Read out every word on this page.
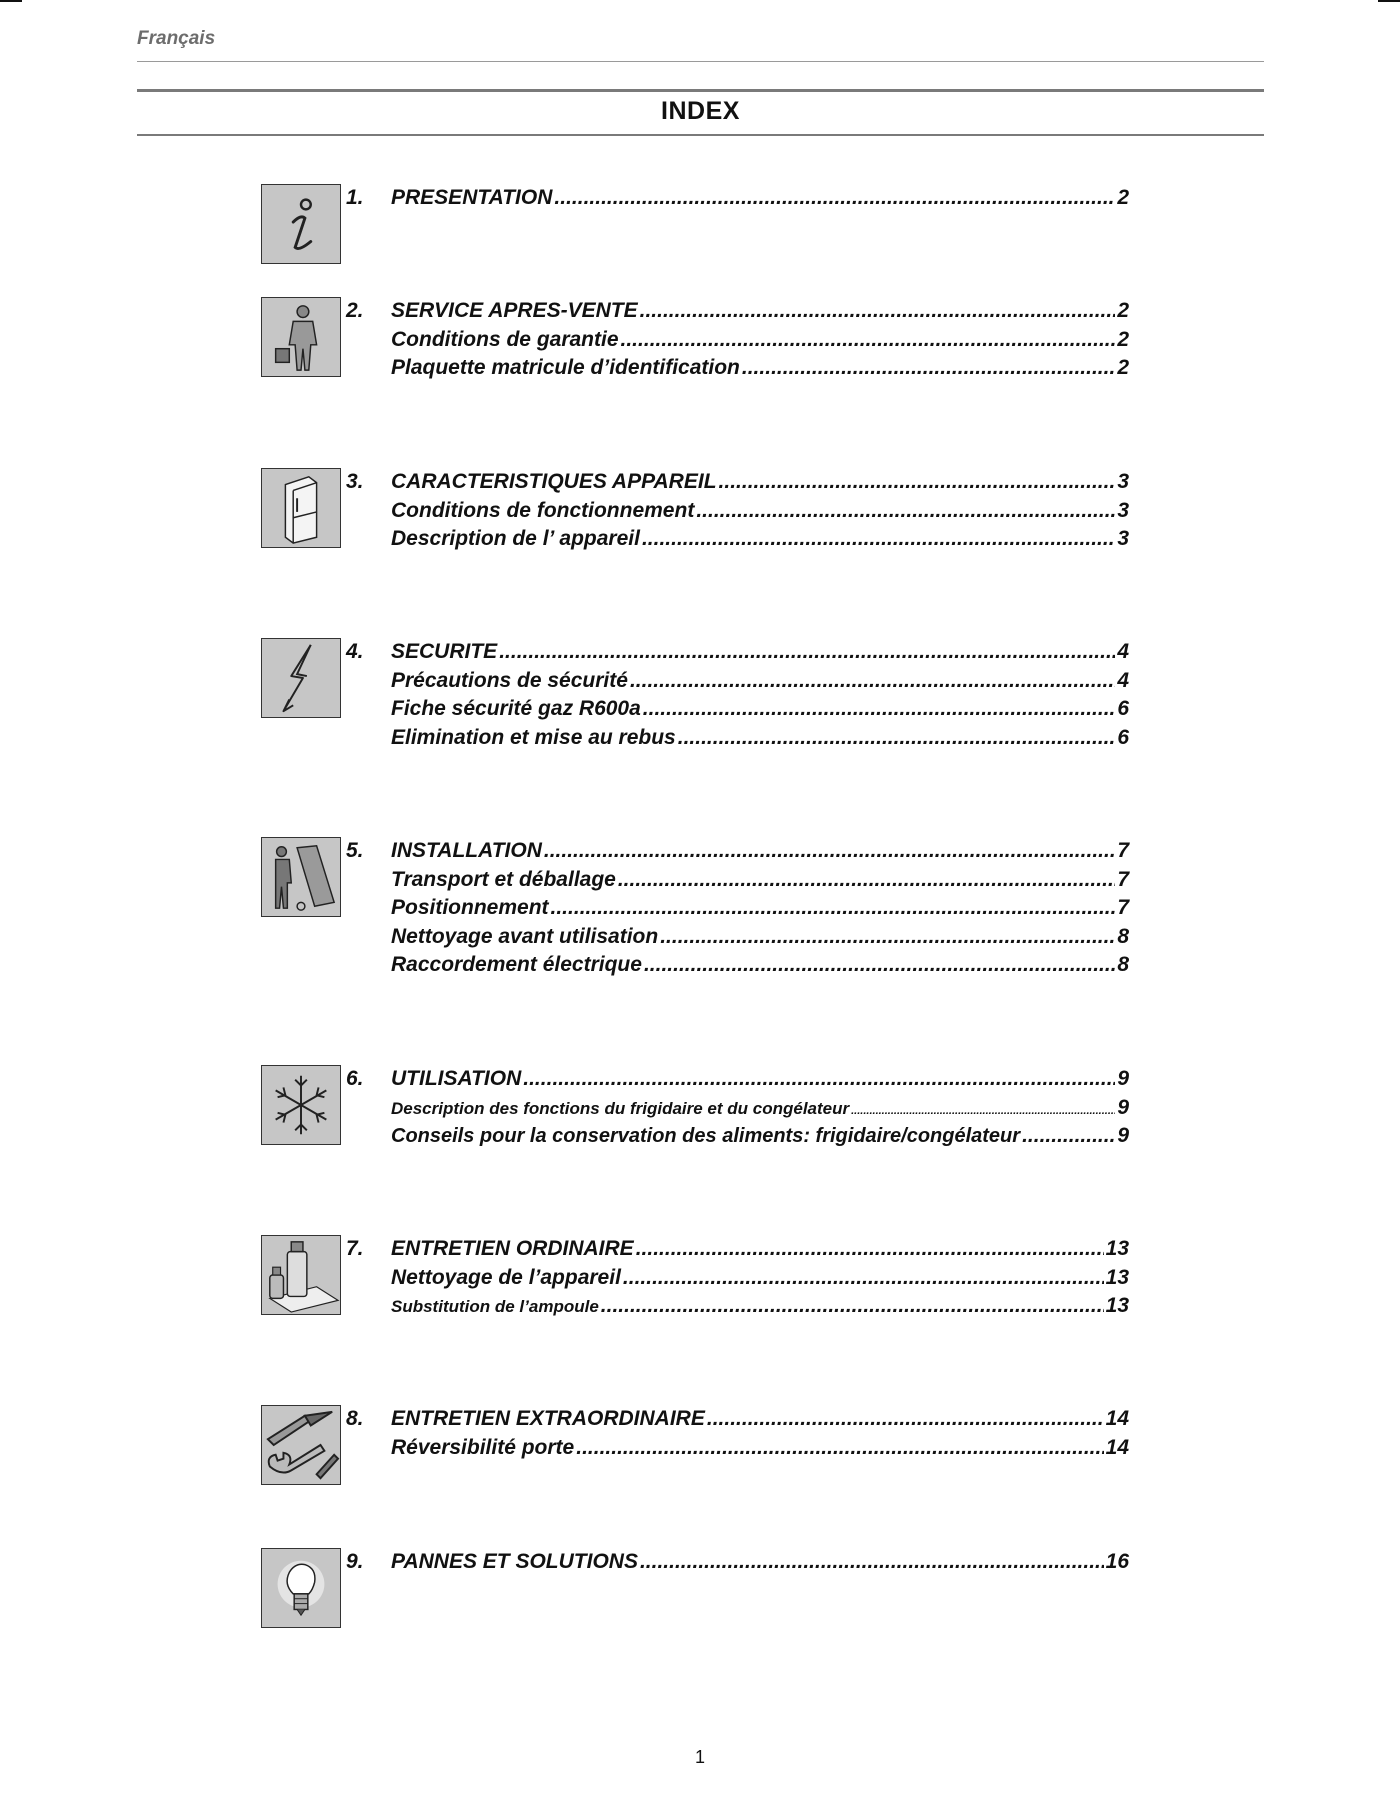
Français
INDEX
1.	PRESENTATION .....	2
2.	SERVICE APRES-VENTE .....	2
Conditions de garantie .....	2
Plaquette matricule d’identification .....	2
3.	CARACTERISTIQUES APPAREIL .....	3
Conditions de fonctionnement .....	3
Description de l’ appareil .....	3
4.	SECURITE .....	4
Précautions de sécurité .....	4
Fiche sécurité gaz R600a .....	6
Elimination et mise au rebus .....	6
5.	INSTALLATION .....	7
Transport et déballage .....	7
Positionnement .....	7
Nettoyage avant utilisation .....	8
Raccordement électrique .....	8
6.	UTILISATION .....	9
Description des fonctions du frigidaire et du congélateur .....	9
Conseils pour la conservation des aliments: frigidaire/congélateur .....	9
7.	ENTRETIEN ORDINAIRE .....	13
Nettoyage de l’appareil .....	13
Substitution de l’ampoule .....	13
8.	ENTRETIEN EXTRAORDINAIRE .....	14
Réversibilité porte .....	14
9.	PANNES ET SOLUTIONS .....	16
1
